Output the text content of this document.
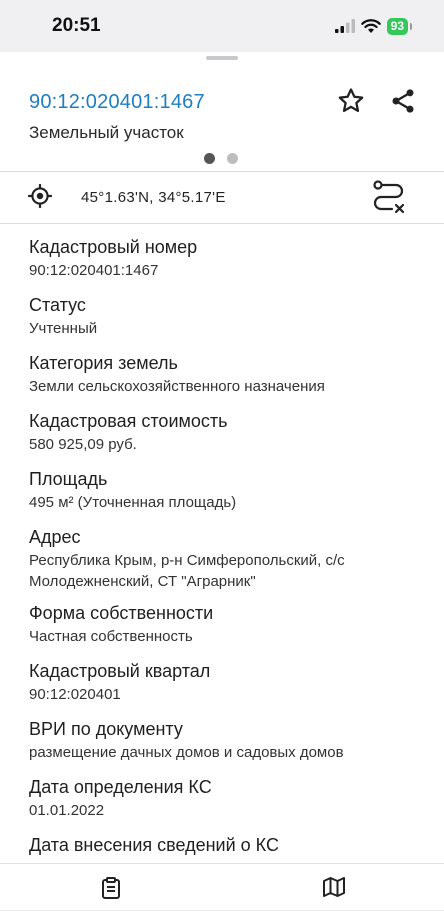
20:51	93
90:12:020401:1467
Земельный участок
45°1.63'N, 34°5.17'E
Кадастровый номер
90:12:020401:1467
Статус
Учтенный
Категория земель
Земли сельскохозяйственного назначения
Кадастровая стоимость
580 925,09 руб.
Площадь
495 м² (Уточненная площадь)
Адрес
Республика Крым, р-н Симферопольский, с/с
Молодежненский, СТ "Аграрник"
Форма собственности
Частная собственность
Кадастровый квартал
90:12:020401
ВРИ по документу
размещение дачных домов и садовых домов
Дата определения КС
01.01.2022
Дата внесения сведений о КС
